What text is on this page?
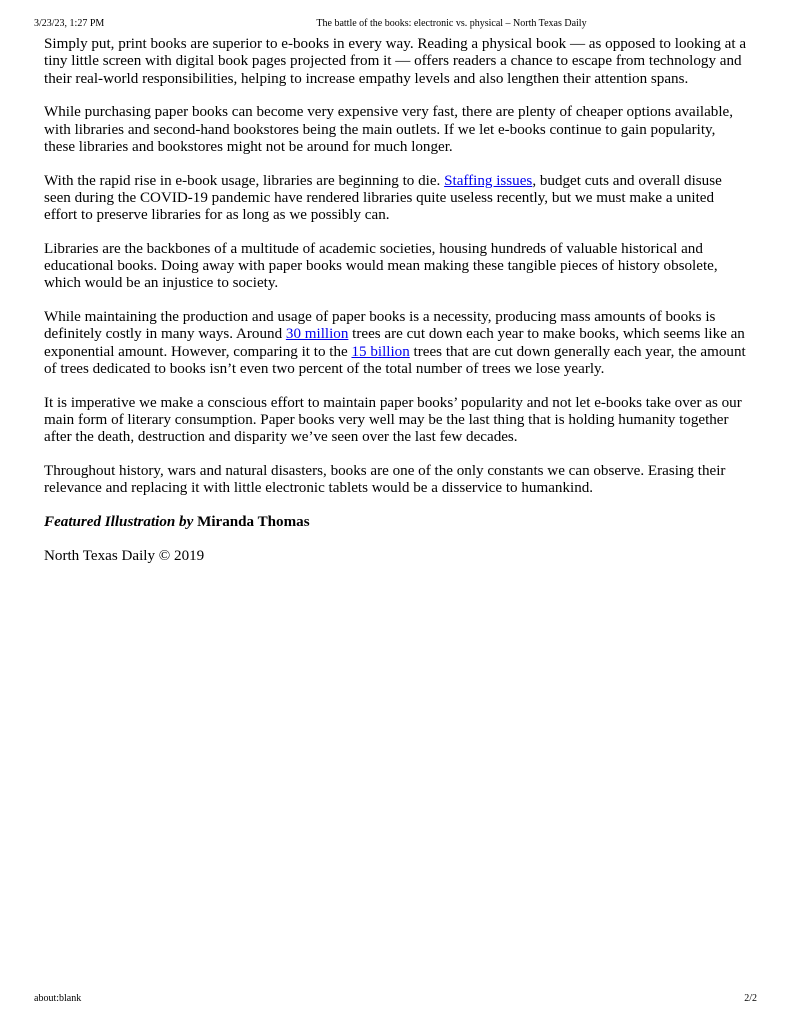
3/23/23, 1:27 PM	The battle of the books: electronic vs. physical – North Texas Daily

Simply put, print books are superior to e-books in every way. Reading a physical book — as opposed to looking at a tiny little screen with digital book pages projected from it — offers readers a chance to escape from technology and their real-world responsibilities, helping to increase empathy levels and also lengthen their attention spans.

While purchasing paper books can become very expensive very fast, there are plenty of cheaper options available, with libraries and second-hand bookstores being the main outlets. If we let e-books continue to gain popularity, these libraries and bookstores might not be around for much longer.

With the rapid rise in e-book usage, libraries are beginning to die. Staffing issues, budget cuts and overall disuse seen during the COVID-19 pandemic have rendered libraries quite useless recently, but we must make a united effort to preserve libraries for as long as we possibly can.

Libraries are the backbones of a multitude of academic societies, housing hundreds of valuable historical and educational books. Doing away with paper books would mean making these tangible pieces of history obsolete, which would be an injustice to society.

While maintaining the production and usage of paper books is a necessity, producing mass amounts of books is definitely costly in many ways. Around 30 million trees are cut down each year to make books, which seems like an exponential amount. However, comparing it to the 15 billion trees that are cut down generally each year, the amount of trees dedicated to books isn’t even two percent of the total number of trees we lose yearly.

It is imperative we make a conscious effort to maintain paper books’ popularity and not let e-books take over as our main form of literary consumption. Paper books very well may be the last thing that is holding humanity together after the death, destruction and disparity we’ve seen over the last few decades.

Throughout history, wars and natural disasters, books are one of the only constants we can observe. Erasing their relevance and replacing it with little electronic tablets would be a disservice to humankind.

Featured Illustration by Miranda Thomas

North Texas Daily © 2019

about:blank	2/2
